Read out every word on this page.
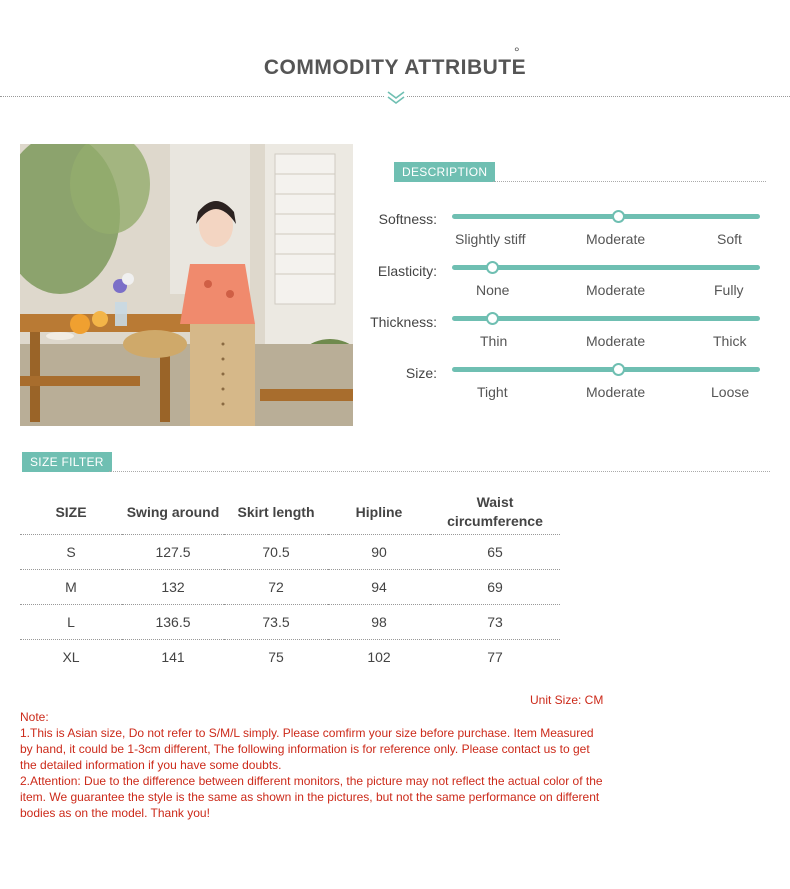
COMMODITY ATTRIBUTE
°
DESCRIPTION
Softness:
Slightly stiff	Moderate	Soft
Elasticity:
None	Moderate	Fully
Thickness:
Thin	Moderate	Thick
Size:
Tight	Moderate	Loose
SIZE FILTER
SIZE	Swing around	Skirt length	Hipline	Waist circumference
S	127.5	70.5	90	65
M	132	72	94	69
L	136.5	73.5	98	73
XL	141	75	102	77
Unit Size: CM

Note:

1.This is Asian size, Do not refer to S/M/L simply. Please comfirm your size before purchase. Item Measured by hand, it could be 1-3cm different, The following information is for reference only. Please contact us to get the detailed information if you have some doubts.

2.Attention: Due to the difference between different monitors, the picture may not reflect the actual color of the item. We guarantee the style is the same as shown in the pictures, but not the same performance on different bodies as on the model. Thank you!
